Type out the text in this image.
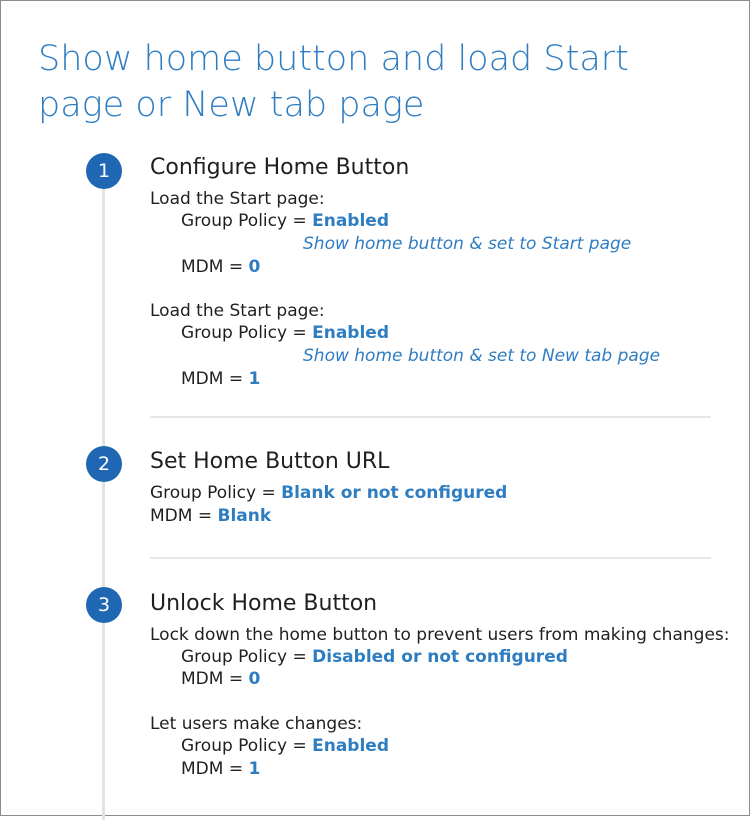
Show home button and load Start page or New tab page
1	Configure Home Button
Load the Start page:
Group Policy = Enabled
Show home button & set to Start page
MDM = 0
Load the Start page:
Group Policy = Enabled
Show home button & set to New tab page
MDM = 1
2	Set Home Button URL
Group Policy = Blank or not configured
MDM = Blank
3	Unlock Home Button
Lock down the home button to prevent users from making changes:
Group Policy = Disabled or not configured
MDM = 0
Let users make changes:
Group Policy = Enabled
MDM = 1
